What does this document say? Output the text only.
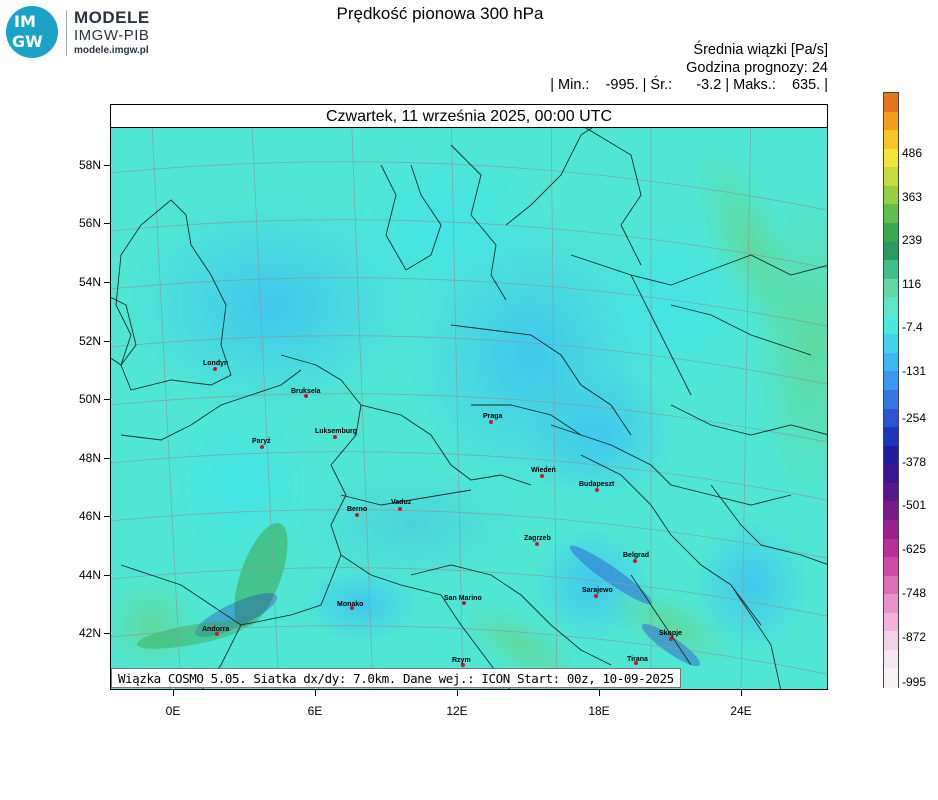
IM
GW
MODELE
IMGW-PIB
modele.imgw.pl
Prędkość pionowa 300 hPa
Średnia wiązki [Pa/s]
Godzina prognozy: 24
| Min.:    -995. | Śr.:      -3.2 | Maks.:    635. |
Londyn
Bruksela
Paryż
Luksemburg
Praga
Wiedeń
Budapeszt
Berno
Vaduz
Zagrzeb
Belgrad
Sarajewo
Monako
San Marino
Andorra
Skopje
Tirana
Rzym
Czwartek, 11 września 2025, 00:00 UTC
Wiązka COSMO 5.05. Siatka dx/dy: 7.0km. Dane wej.: ICON Start: 00z, 10-09-2025
58N
56N
54N
52N
50N
48N
46N
44N
42N
0E	6E	12E	18E	24E
486
363
239
116
-7.4
-131
-254
-378
-501
-625
-748
-872
-995
